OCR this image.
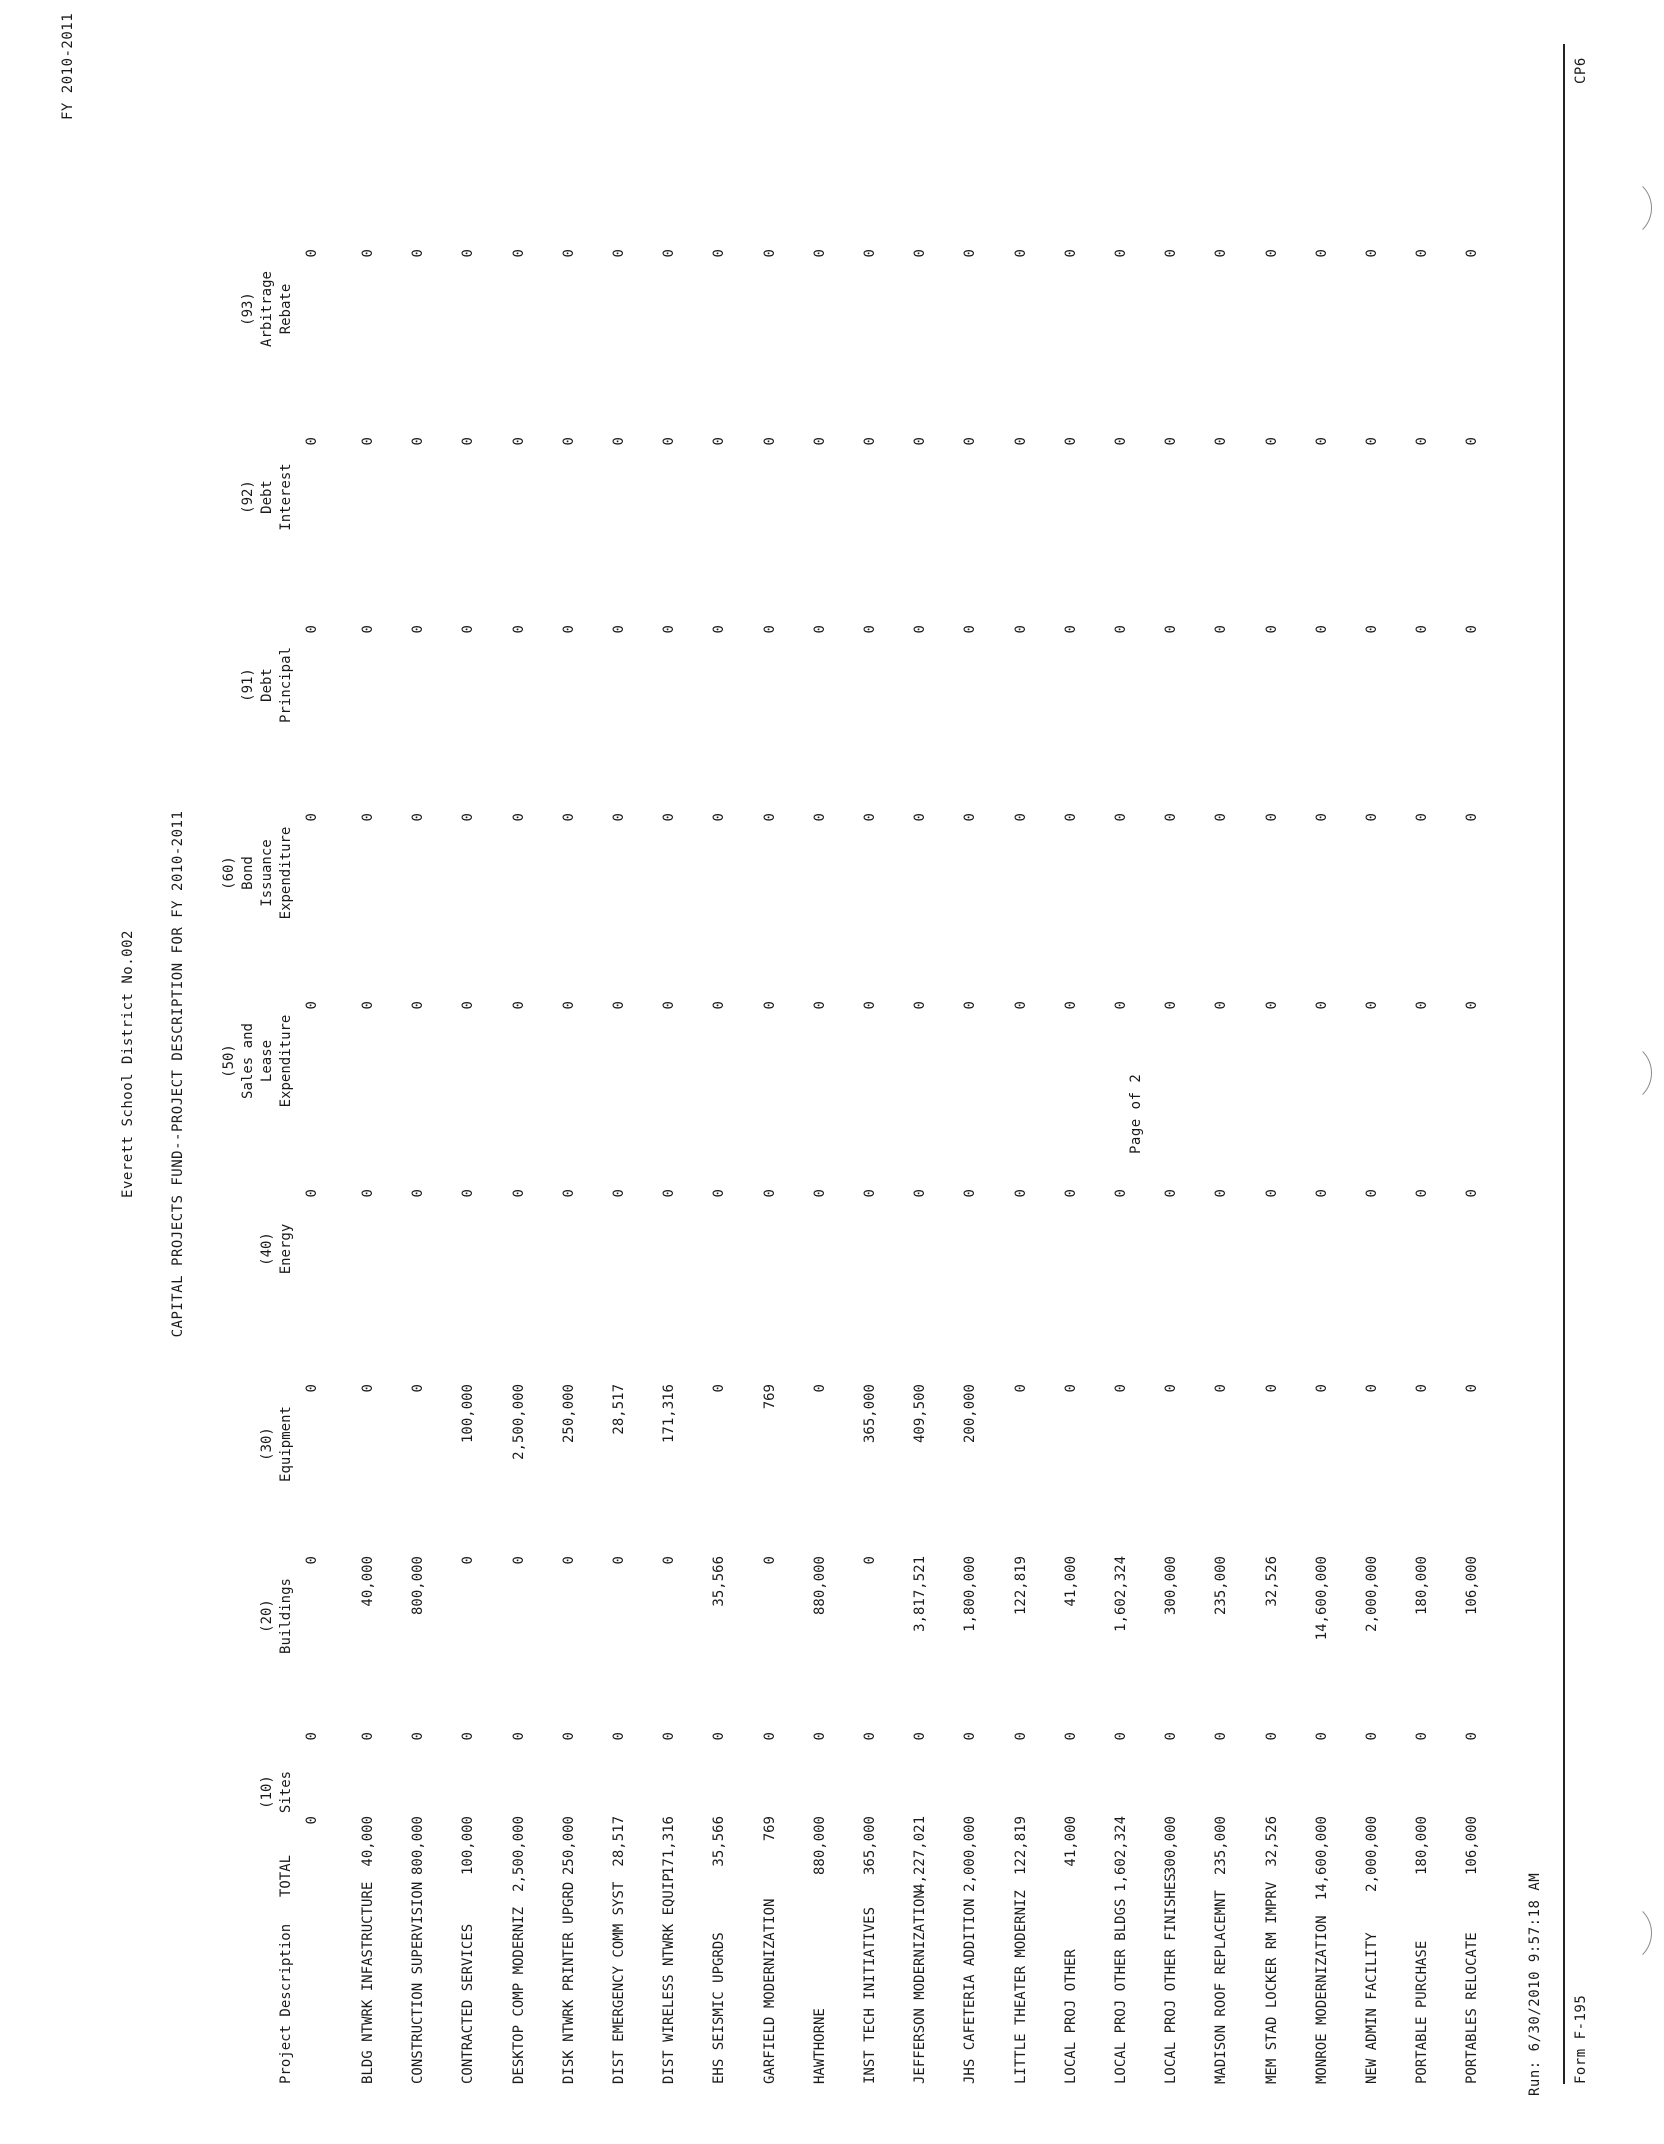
FY 2010-2011
Run: 6/30/2010 9:57:18 AM
Everett School District No.002 CAPITAL PROJECTS FUND--PROJECT DESCRIPTION FOR FY 2010-2011
Project Description
TOTAL
(10) Sites
(20) Buildings
(30) Equipment
(40) Energy
(50) Sales and Lease Expenditure
(60) Bond Issuance Expenditure
(91) Debt Principal
(92) Debt Interest
(93) Arbitrage Rebate
0
0
0
0
0
0
0
0
0
0
BLDG NTWRK INFASTRUCTURE
40,000
0
40,000
0
0
0
0
0
0
0
CONSTRUCTION SUPERVISION
800,000
0
800,000
0
0
0
0
0
0
0
CONTRACTED SERVICES
100,000
0
0
100,000
0
0
0
0
0
0
DESKTOP COMP MODERNIZ
2,500,000
0
0
2,500,000
0
0
0
0
0
0
DISK NTWRK PRINTER UPGRD
250,000
0
0
250,000
0
0
0
0
0
0
DIST EMERGENCY COMM SYST
28,517
0
0
28,517
0
0
0
0
0
0
DIST WIRELESS NTWRK EQUIP
171,316
0
0
171,316
0
0
0
0
0
0
EHS SEISMIC UPGRDS
35,566
0
35,566
0
0
0
0
0
0
0
GARFIELD MODERNIZATION
769
0
0
769
0
0
0
0
0
0
HAWTHORNE
880,000
0
880,000
0
0
0
0
0
0
0
INST TECH INITIATIVES
365,000
0
0
365,000
0
0
0
0
0
0
JEFFERSON MODERNIZATION
4,227,021
0
3,817,521
409,500
0
0
0
0
0
0
JHS CAFETERIA ADDITION
2,000,000
0
1,800,000
200,000
0
0
0
0
0
0
LITTLE THEATER MODERNIZ
122,819
0
122,819
0
0
0
0
0
0
0
LOCAL PROJ OTHER
41,000
0
41,000
0
0
0
0
0
0
0
LOCAL PROJ OTHER BLDGS
1,602,324
0
1,602,324
0
0
0
0
0
0
0
LOCAL PROJ OTHER FINISHES
300,000
0
300,000
0
0
0
0
0
0
0
MADISON ROOF REPLACEMNT
235,000
0
235,000
0
0
0
0
0
0
0
MEM STAD LOCKER RM IMPRV
32,526
0
32,526
0
0
0
0
0
0
0
MONROE MODERNIZATION
14,600,000
0
14,600,000
0
0
0
0
0
0
0
NEW ADMIN FACILITY
2,000,000
0
2,000,000
0
0
0
0
0
0
0
PORTABLE PURCHASE
180,000
0
180,000
0
0
0
0
0
0
0
PORTABLES RELOCATE
106,000
0
106,000
0
0
0
0
0
0
0
Form F-195
Page of 2
CP6
